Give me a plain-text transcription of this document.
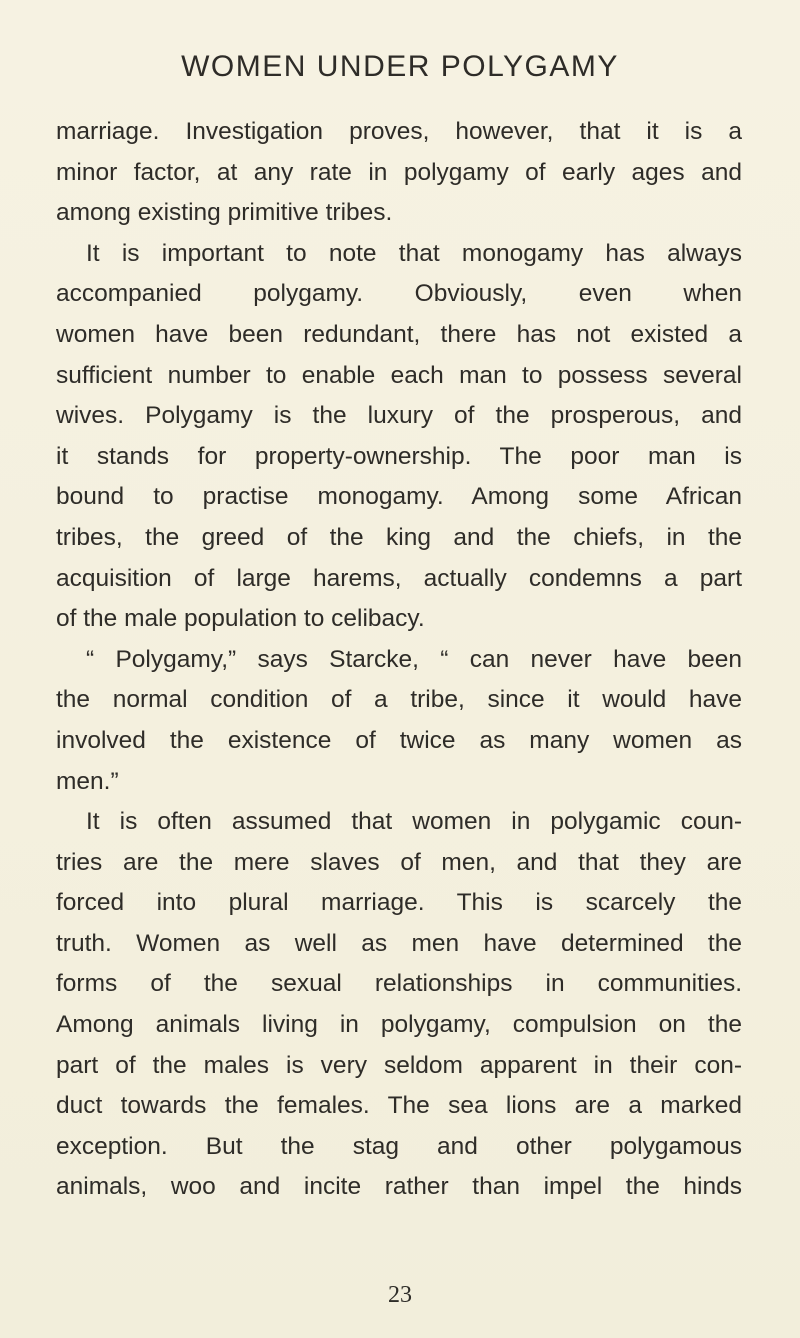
WOMEN UNDER POLYGAMY
marriage. Investigation proves, however, that it is a
minor factor, at any rate in polygamy of early ages and
among existing primitive tribes.
It is important to note that monogamy has always
accompanied polygamy. Obviously, even when
women have been redundant, there has not existed a
sufficient number to enable each man to possess several
wives. Polygamy is the luxury of the prosperous, and
it stands for property-ownership. The poor man is
bound to practise monogamy. Among some African
tribes, the greed of the king and the chiefs, in the
acquisition of large harems, actually condemns a part
of the male population to celibacy.
“ Polygamy,” says Starcke, “ can never have been
the normal condition of a tribe, since it would have
involved the existence of twice as many women as
men.”
It is often assumed that women in polygamic coun-
tries are the mere slaves of men, and that they are
forced into plural marriage. This is scarcely the
truth. Women as well as men have determined the
forms of the sexual relationships in communities.
Among animals living in polygamy, compulsion on the
part of the males is very seldom apparent in their con-
duct towards the females. The sea lions are a marked
exception. But the stag and other polygamous
animals, woo and incite rather than impel the hinds
23
